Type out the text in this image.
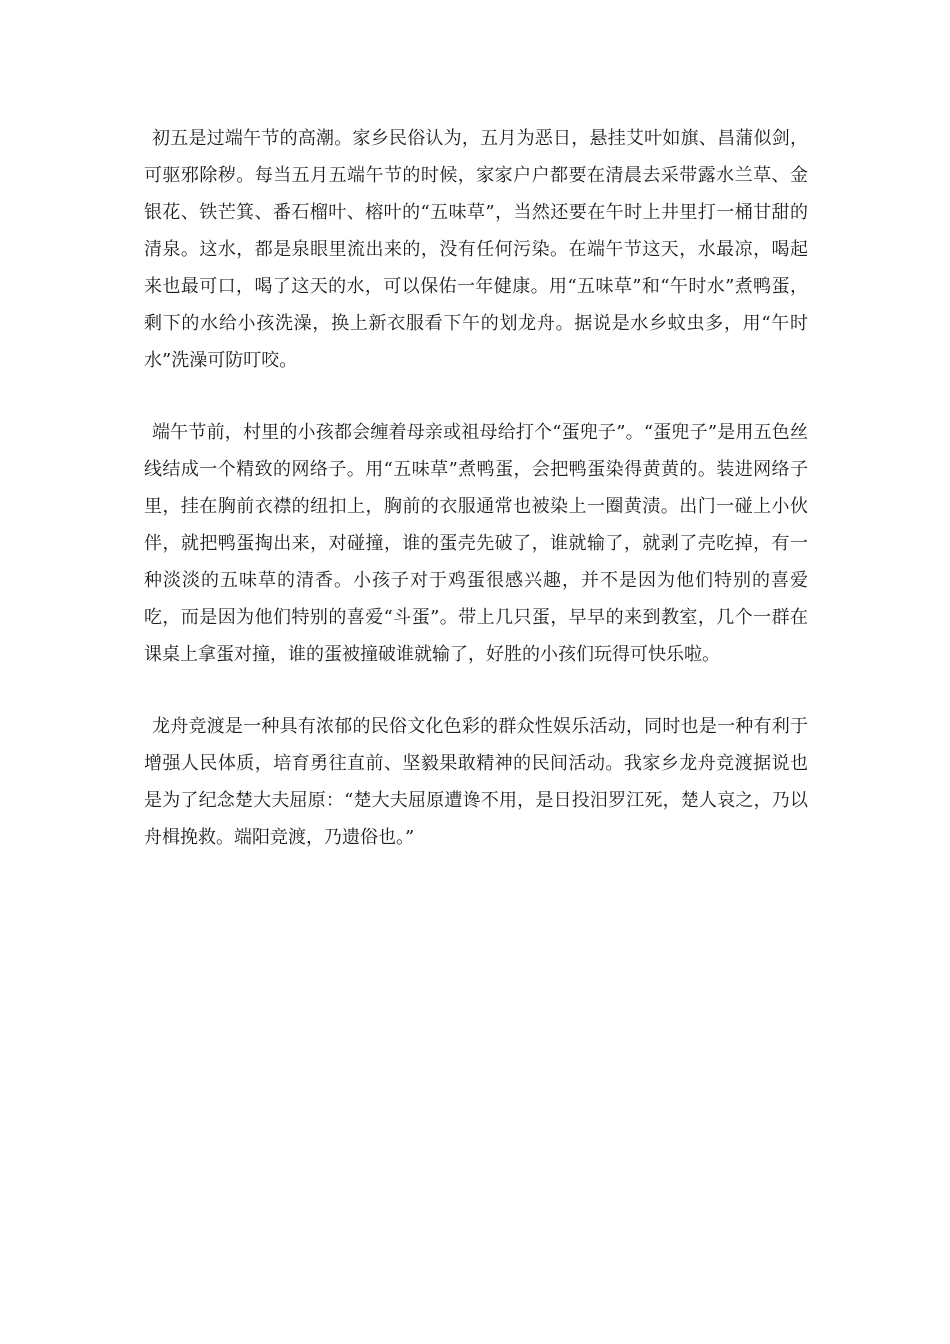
初五是过端午节的高潮。家乡民俗认为，五月为恶日，悬挂艾叶如旗、昌蒲似剑，可驱邪除秽。每当五月五端午节的时候，家家户户都要在清晨去采带露水兰草、金银花、铁芒箕、番石榴叶、榕叶的“五味草”，当然还要在午时上井里打一桶甘甜的清泉。这水，都是泉眼里流出来的，没有任何污染。在端午节这天，水最凉，喝起来也最可口，喝了这天的水，可以保佑一年健康。用“五味草”和“午时水”煮鸭蛋，剩下的水给小孩洗澡，换上新衣服看下午的划龙舟。据说是水乡蚊虫多，用“午时水”洗澡可防叮咬。

端午节前，村里的小孩都会缠着母亲或祖母给打个“蛋兜子”。“蛋兜子”是用五色丝线结成一个精致的网络子。用“五味草”煮鸭蛋，会把鸭蛋染得黄黄的。装进网络子里，挂在胸前衣襟的纽扣上，胸前的衣服通常也被染上一圈黄渍。出门一碰上小伙伴，就把鸭蛋掏出来，对碰撞，谁的蛋壳先破了，谁就输了，就剥了壳吃掉，有一种淡淡的五味草的清香。小孩子对于鸡蛋很感兴趣，并不是因为他们特别的喜爱吃，而是因为他们特别的喜爱“斗蛋”。带上几只蛋，早早的来到教室，几个一群在课桌上拿蛋对撞，谁的蛋被撞破谁就输了，好胜的小孩们玩得可快乐啦。

龙舟竞渡是一种具有浓郁的民俗文化色彩的群众性娱乐活动，同时也是一种有利于增强人民体质，培育勇往直前、坚毅果敢精神的民间活动。我家乡龙舟竞渡据说也是为了纪念楚大夫屈原：“楚大夫屈原遭谗不用，是日投汨罗江死，楚人哀之，乃以舟楫挽救。端阳竞渡，乃遗俗也。”
